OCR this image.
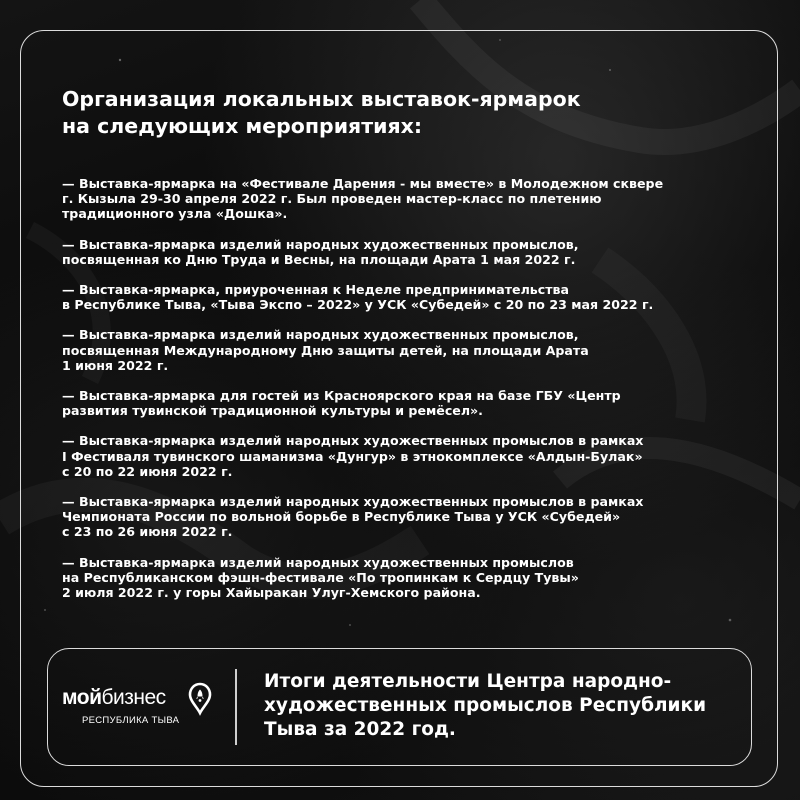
Организация локальных выставок-ярмарок
на следующих мероприятиях:
— Выставка-ярмарка на «Фестивале Дарения - мы вместе» в Молодежном сквере
г. Кызыла 29-30 апреля 2022 г. Был проведен мастер-класс по плетению
традиционного узла «Дошка».
— Выставка-ярмарка изделий народных художественных промыслов,
посвященная ко Дню Труда и Весны, на площади Арата 1 мая 2022 г.
— Выставка-ярмарка, приуроченная к Неделе предпринимательства
в Республике Тыва, «Тыва Экспо – 2022» у УСК «Субедей» с 20 по 23 мая 2022 г.
— Выставка-ярмарка изделий народных художественных промыслов,
посвященная Международному Дню защиты детей, на площади Арата
1 июня 2022 г.
— Выставка-ярмарка для гостей из Красноярского края на базе ГБУ «Центр
развития тувинской традиционной культуры и ремёсел».
— Выставка-ярмарка изделий народных художественных промыслов в рамках
I Фестиваля тувинского шаманизма «Дунгур» в этнокомплексе «Алдын-Булак»
с 20 по 22 июня 2022 г.
— Выставка-ярмарка изделий народных художественных промыслов в рамках
Чемпионата России по вольной борьбе в Республике Тыва у УСК «Субедей»
с 23 по 26 июня 2022 г.
— Выставка-ярмарка изделий народных художественных промыслов
на Республиканском фэшн-фестивале «По тропинкам к Сердцу Тувы»
2 июля 2022 г. у горы Хайыракан Улуг-Хемского района.
мойбизнес
РЕСПУБЛИКА ТЫВА
Итоги деятельности Центра народно-
художественных промыслов Республики
Тыва за 2022 год.
